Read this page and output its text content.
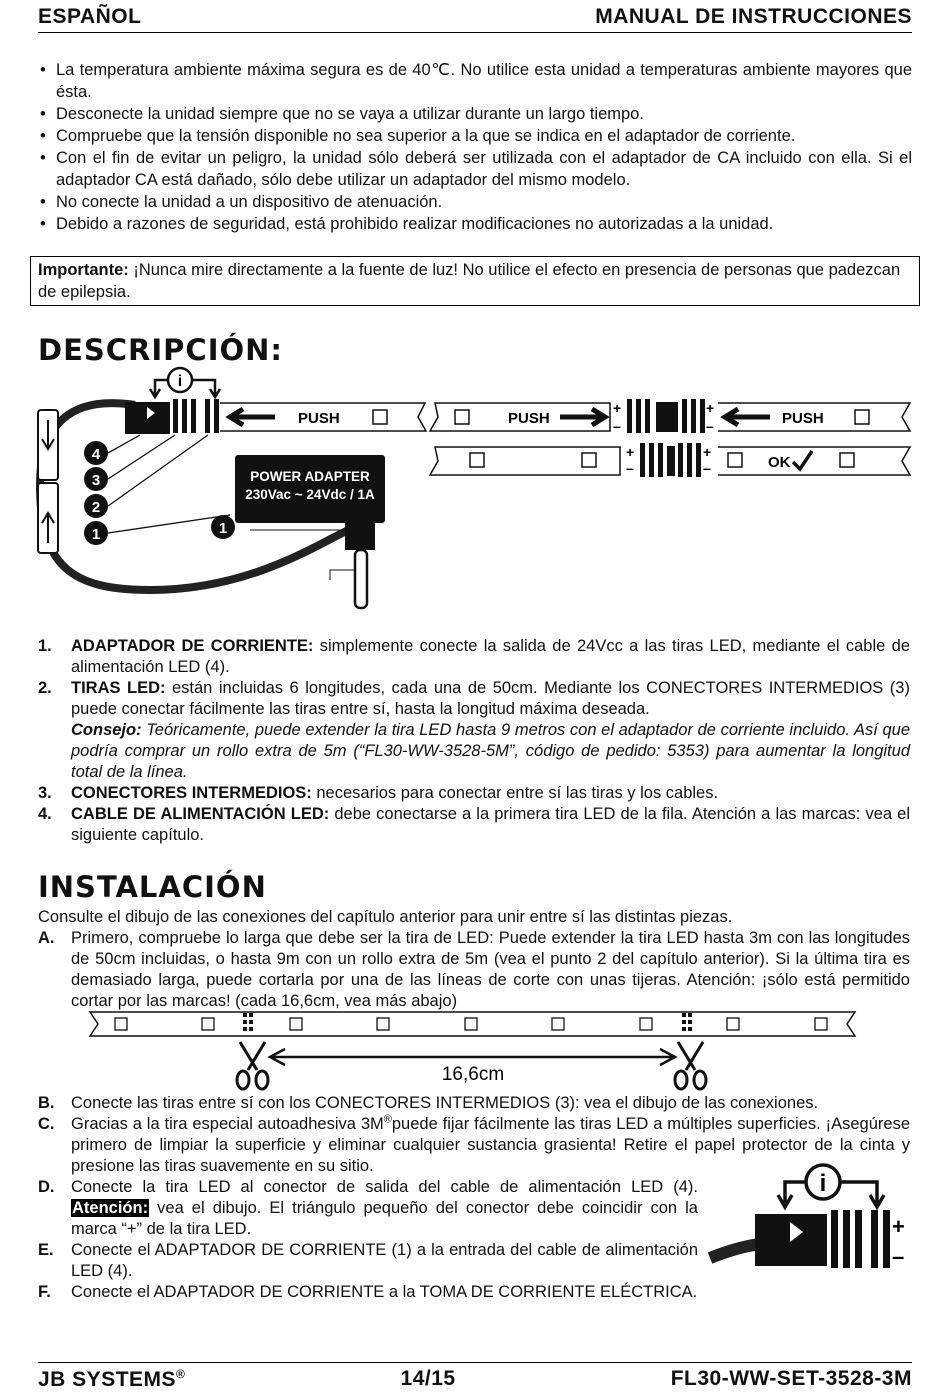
ESPAÑOL	MANUAL DE INSTRUCCIONES
• La temperatura ambiente máxima segura es de 40℃. No utilice esta unidad a temperaturas ambiente mayores que ésta.
• Desconecte la unidad siempre que no se vaya a utilizar durante un largo tiempo.
• Compruebe que la tensión disponible no sea superior a la que se indica en el adaptador de corriente.
• Con el fin de evitar un peligro, la unidad sólo deberá ser utilizada con el adaptador de CA incluido con ella. Si el adaptador CA está dañado, sólo debe utilizar un adaptador del mismo modelo.
• No conecte la unidad a un dispositivo de atenuación.
• Debido a razones de seguridad, está prohibido realizar modificaciones no autorizadas a la unidad.
Importante: ¡Nunca mire directamente a la fuente de luz! No utilice el efecto en presencia de personas que padezcan de epilepsia.
DESCRIPCIÓN:
i
PUSH	PUSH
+
–
+
–	PUSH
+
–
+
–	OK
POWER ADAPTER
230Vac ~ 24Vdc / 1A
1
4
3
2
1
1. ADAPTADOR DE CORRIENTE: simplemente conecte la salida de 24Vcc a las tiras LED, mediante el cable de alimentación LED (4).
2. TIRAS LED: están incluidas 6 longitudes, cada una de 50cm. Mediante los CONECTORES INTERMEDIOS (3) puede conectar fácilmente las tiras entre sí, hasta la longitud máxima deseada.
Consejo: Teóricamente, puede extender la tira LED hasta 9 metros con el adaptador de corriente incluido. Así que podría comprar un rollo extra de 5m (“FL30-WW-3528-5M”, código de pedido: 5353) para aumentar la longitud total de la línea.
3. CONECTORES INTERMEDIOS: necesarios para conectar entre sí las tiras y los cables.
4. CABLE DE ALIMENTACIÓN LED: debe conectarse a la primera tira LED de la fila. Atención a las marcas: vea el siguiente capítulo.
INSTALACIÓN
Consulte el dibujo de las conexiones del capítulo anterior para unir entre sí las distintas piezas.
A. Primero, compruebe lo larga que debe ser la tira de LED: Puede extender la tira LED hasta 3m con las longitudes de 50cm incluidas, o hasta 9m con un rollo extra de 5m (vea el punto 2 del capítulo anterior). Si la última tira es demasiado larga, puede cortarla por una de las líneas de corte con unas tijeras. Atención: ¡sólo está permitido cortar por las marcas! (cada 16,6cm, vea más abajo)
16,6cm
B. Conecte las tiras entre sí con los CONECTORES INTERMEDIOS (3): vea el dibujo de las conexiones.
C. Gracias a la tira especial autoadhesiva 3M®puede fijar fácilmente las tiras LED a múltiples superficies. ¡Asegúrese primero de limpiar la superficie y eliminar cualquier sustancia grasienta! Retire el papel protector de la cinta y presione las tiras suavemente en su sitio.
D. Conecte la tira LED al conector de salida del cable de alimentación LED (4). Atención: vea el dibujo. El triángulo pequeño del conector debe coincidir con la marca “+” de la tira LED.
E. Conecte el ADAPTADOR DE CORRIENTE (1) a la entrada del cable de alimentación LED (4).
F. Conecte el ADAPTADOR DE CORRIENTE a la TOMA DE CORRIENTE ELÉCTRICA.
i
+
–
JB SYSTEMS®	14/15	FL30-WW-SET-3528-3M
